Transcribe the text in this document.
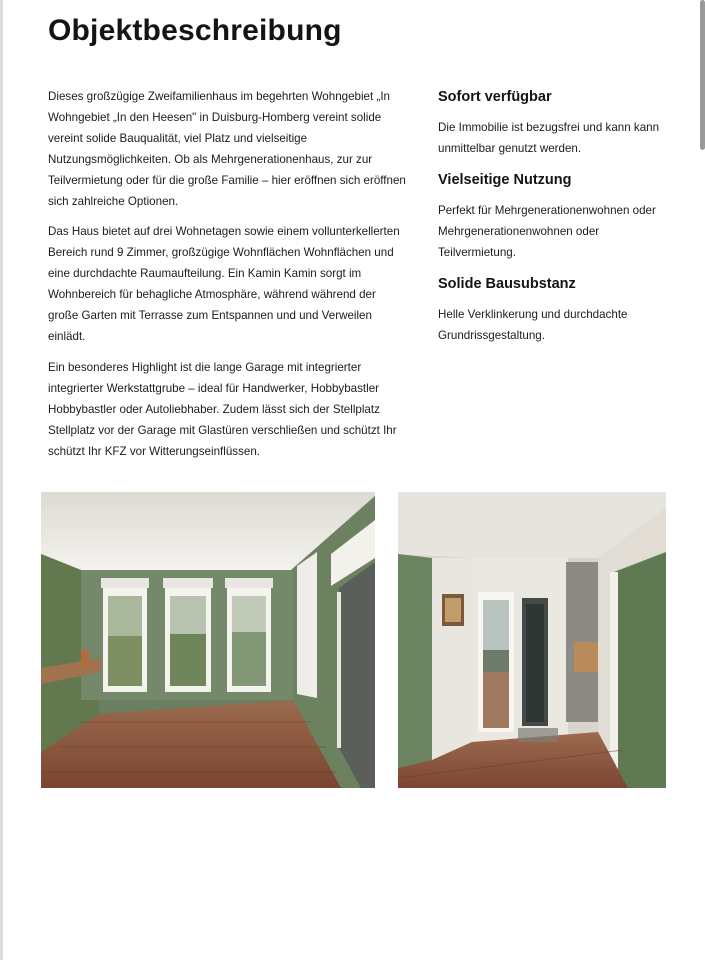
Objektbeschreibung

Dieses großzügige Zweifamilienhaus im begehrten Wohngebiet „In Wohngebiet „In den Heesen" in Duisburg-Homberg vereint solide vereint solide Bauqualität, viel Platz und vielseitige Nutzungsmöglichkeiten. Ob als Mehrgenerationenhaus, zur zur Teilvermietung oder für die große Familie – hier eröffnen sich eröffnen sich zahlreiche Optionen.

Das Haus bietet auf drei Wohnetagen sowie einem vollunterkellerten Bereich rund 9 Zimmer, großzügige Wohnflächen Wohnflächen und eine durchdachte Raumaufteilung. Ein Kamin Kamin sorgt im Wohnbereich für behagliche Atmosphäre, während während der große Garten mit Terrasse zum Entspannen und und Verweilen einlädt.

Ein besonderes Highlight ist die lange Garage mit integrierter integrierter Werkstattgrube – ideal für Handwerker, Hobbybastler Hobbybastler oder Autoliebhaber. Zudem lässt sich der Stellplatz Stellplatz vor der Garage mit Glastüren verschließen und schützt Ihr schützt Ihr KFZ vor Witterungseinflüssen.

Sofort verfügbar

Die Immobilie ist bezugsfrei und kann kann unmittelbar genutzt werden.

Vielseitige Nutzung

Perfekt für Mehrgenerationenwohnen oder Mehrgenerationenwohnen oder Teilvermietung.

Solide Bausubstanz

Helle Verklinkerung und durchdachte Grundrissgestaltung.
